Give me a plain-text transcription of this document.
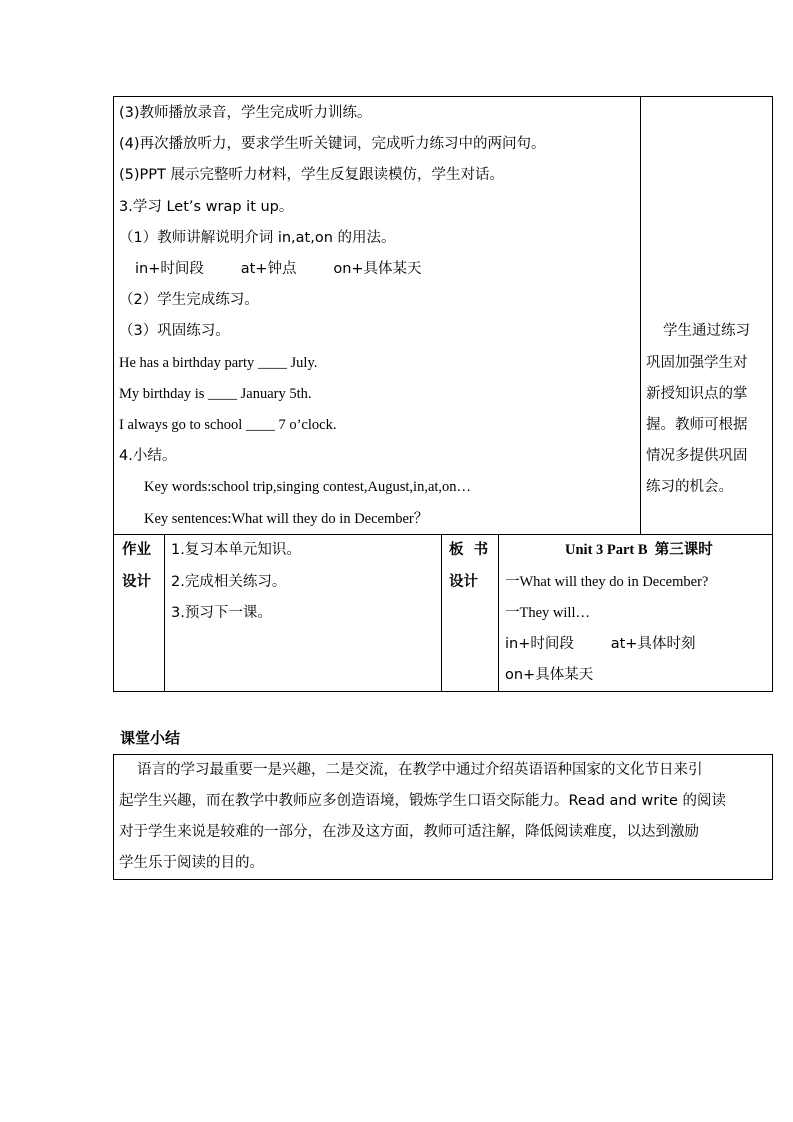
(3)教师播放录音，学生完成听力训练。
(4)再次播放听力，要求学生听关键词，完成听力练习中的两问句。
(5)PPT 展示完整听力材料，学生反复跟读模仿，学生对话。
3.学习 Let’s wrap it up。
（1）教师讲解说明介词 in,at,on 的用法。
in+时间段        at+钟点        on+具体某天
（2）学生完成练习。
（3）巩固练习。
He has a birthday party ____ July.
My birthday is ____ January 5th.
I always go to school ____ 7 o’clock.
4.小结。
Key words:school trip,singing contest,August,in,at,on…
Key sentences:What will they do in December？
学生通过练习
巩固加强学生对
新授知识点的掌
握。教师可根据
情况多提供巩固
练习的机会。
作业
设计
1.复习本单元知识。
2.完成相关练习。
3.预习下一课。
板  书
设计
Unit 3 Part B  第三课时
一What will they do in December?
一They will…
in+时间段        at+具体时刻
on+具体某天
课堂小结
语言的学习最重要一是兴趣，二是交流，在教学中通过介绍英语语种国家的文化节日来引
起学生兴趣，而在教学中教师应多创造语境，锻炼学生口语交际能力。Read and write 的阅读
对于学生来说是较难的一部分，在涉及这方面，教师可适注解，降低阅读难度，以达到激励
学生乐于阅读的目的。
